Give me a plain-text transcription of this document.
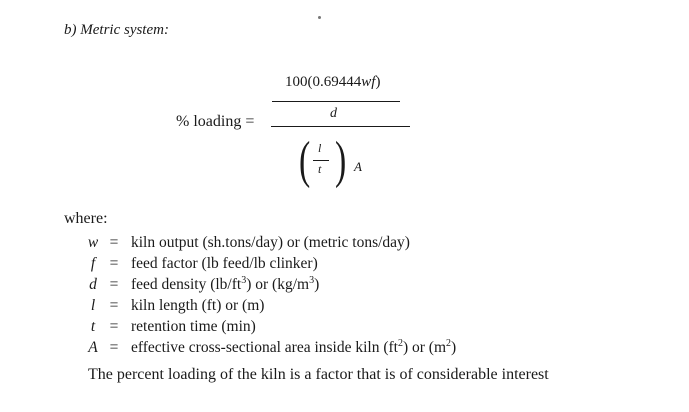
b) Metric system:
% loading =
100(0.69444wf)
d
( l
t ) A
where:
w = kiln output (sh.tons/day) or (metric tons/day)
f = feed factor (lb feed/lb clinker)
d = feed density $(lb/ft^3)$ or $(kg/m^3)$
l = kiln length (ft) or (m)
t = retention time (min)
A = effective cross-sectional area inside kiln $(ft^2)$ or $(m^2)$
The percent loading of the kiln is a factor that is of considerable interest
